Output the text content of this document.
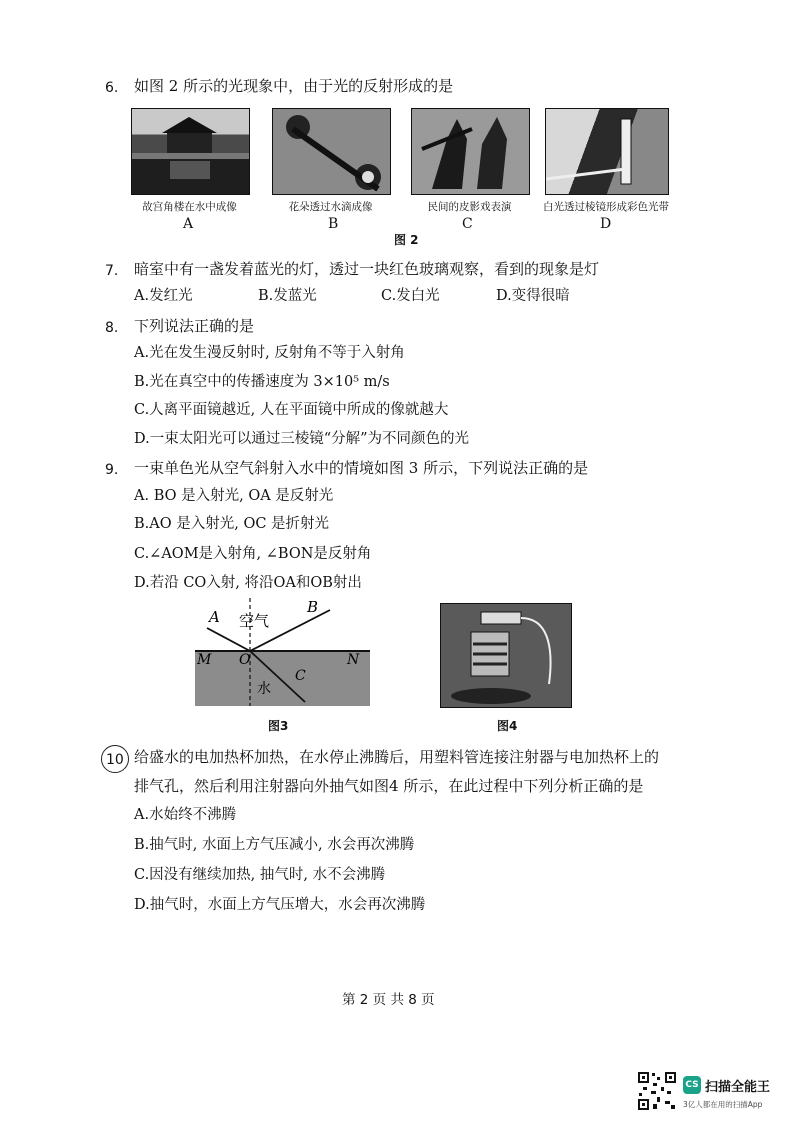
6. 如图 2 所示的光现象中，由于光的反射形成的是
故宫角楼在水中成像	花朵透过水滴成像	民间的皮影戏表演	白光透过棱镜形成彩色光带
A	B	C	D
图 2
7. 暗室中有一盏发着蓝光的灯，透过一块红色玻璃观察，看到的现象是灯
A.发红光	B.发蓝光	C.发白光	D.变得很暗
8. 下列说法正确的是
A.光在发生漫反射时, 反射角不等于入射角
B.光在真空中的传播速度为 3×10⁵ m/s
C.人离平面镜越近, 人在平面镜中所成的像就越大
D.一束太阳光可以通过三棱镜“分解”为不同颜色的光
9. 一束单色光从空气斜射入水中的情境如图 3 所示，下列说法正确的是
A. BO 是入射光, OA 是反射光
B.AO 是入射光, OC 是折射光
C.∠AOM是入射角, ∠BON是反射角
D.若沿 CO入射, 将沿OA和OB射出
A
B
空气
M O	N
水
C
图3	图4
10 给盛水的电加热杯加热，在水停止沸腾后，用塑料管连接注射器与电加热杯上的
排气孔，然后利用注射器向外抽气如图4 所示，在此过程中下列分析正确的是
A.水始终不沸腾
B.抽气时, 水面上方气压减小, 水会再次沸腾
C.因没有继续加热, 抽气时, 水不会沸腾
D.抽气时，水面上方气压增大，水会再次沸腾
第 2 页 共 8 页
CS 扫描全能王
3亿人都在用的扫描App
